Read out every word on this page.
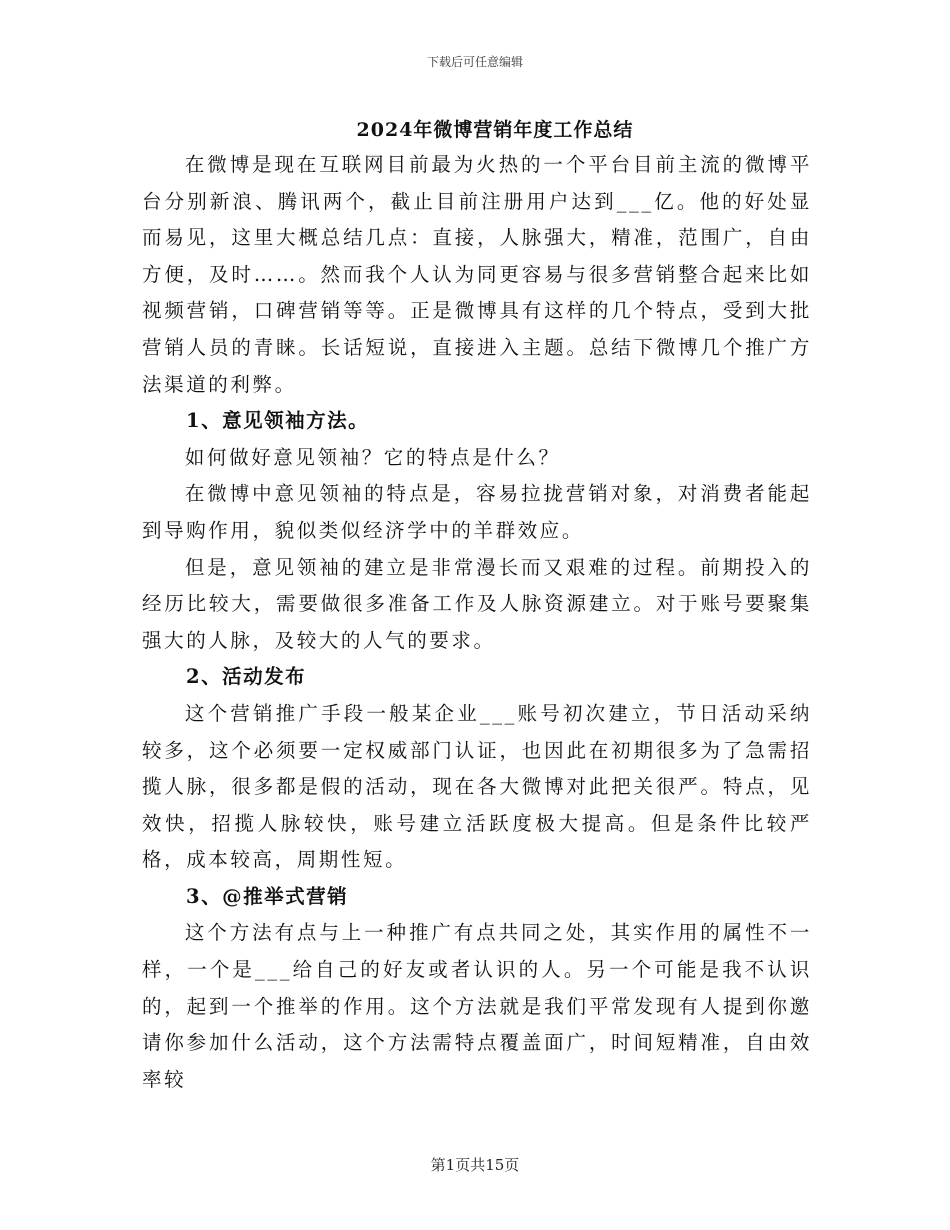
下载后可任意编辑
2024年微博营销年度工作总结

在微博是现在互联网目前最为火热的一个平台目前主流的微博平台分别新浪、腾讯两个，截止目前注册用户达到___亿。他的好处显而易见，这里大概总结几点：直接，人脉强大，精准，范围广，自由方便，及时……。然而我个人认为同更容易与很多营销整合起来比如视频营销，口碑营销等等。正是微博具有这样的几个特点，受到大批营销人员的青睐。长话短说，直接进入主题。总结下微博几个推广方法渠道的利弊。

1、意见领袖方法。

如何做好意见领袖？它的特点是什么？

在微博中意见领袖的特点是，容易拉拢营销对象，对消费者能起到导购作用，貌似类似经济学中的羊群效应。

但是，意见领袖的建立是非常漫长而又艰难的过程。前期投入的经历比较大，需要做很多准备工作及人脉资源建立。对于账号要聚集强大的人脉，及较大的人气的要求。

2、活动发布

这个营销推广手段一般某企业___账号初次建立，节日活动采纳较多，这个必须要一定权威部门认证，也因此在初期很多为了急需招揽人脉，很多都是假的活动，现在各大微博对此把关很严。特点，见效快，招揽人脉较快，账号建立活跃度极大提高。但是条件比较严格，成本较高，周期性短。

3、@推举式营销

这个方法有点与上一种推广有点共同之处，其实作用的属性不一样，一个是___给自己的好友或者认识的人。另一个可能是我不认识的，起到一个推举的作用。这个方法就是我们平常发现有人提到你邀请你参加什么活动，这个方法需特点覆盖面广，时间短精准，自由效率较

第1页共15页
